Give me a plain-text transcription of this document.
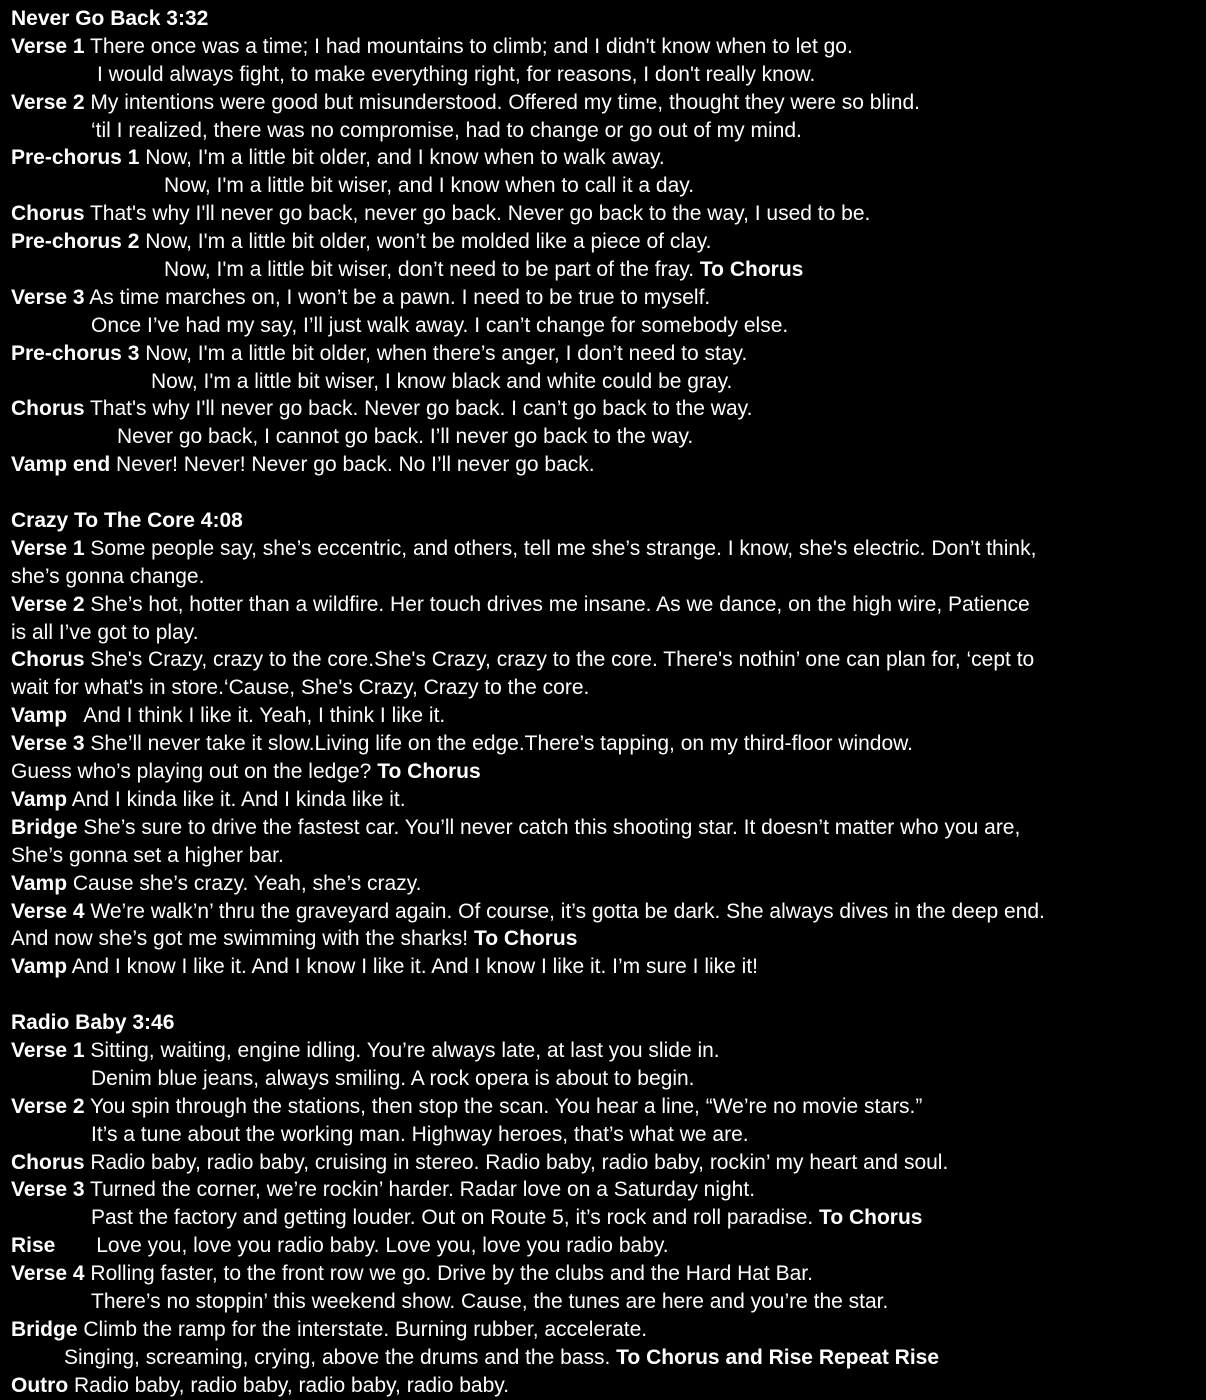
Never Go Back 3:32
Verse 1 There once was a time; I had mountains to climb; and I didn't know when to let go.
I would always fight, to make everything right, for reasons, I don't really know.
Verse 2 My intentions were good but misunderstood. Offered my time, thought they were so blind.
‘til I realized, there was no compromise, had to change or go out of my mind.
Pre-chorus 1 Now, I'm a little bit older, and I know when to walk away.
Now, I'm a little bit wiser, and I know when to call it a day.
Chorus That's why I'll never go back, never go back. Never go back to the way, I used to be.
Pre-chorus 2 Now, I'm a little bit older, won’t be molded like a piece of clay.
Now, I'm a little bit wiser, don’t need to be part of the fray. To Chorus
Verse 3 As time marches on, I won’t be a pawn. I need to be true to myself.
Once I’ve had my say, I’ll just walk away. I can’t change for somebody else.
Pre-chorus 3 Now, I'm a little bit older, when there’s anger, I don’t need to stay.
Now, I'm a little bit wiser, I know black and white could be gray.
Chorus That's why I'll never go back. Never go back. I can’t go back to the way.
Never go back, I cannot go back. I’ll never go back to the way.
Vamp end Never! Never! Never go back. No I’ll never go back.
Crazy To The Core 4:08
Verse 1 Some people say, she’s eccentric, and others, tell me she’s strange. I know, she's electric. Don’t think,
she’s gonna change.
Verse 2 She’s hot, hotter than a wildfire. Her touch drives me insane. As we dance, on the high wire, Patience
is all I’ve got to play.
Chorus She's Crazy, crazy to the core.She's Crazy, crazy to the core. There's nothin’ one can plan for, ‘cept to
wait for what's in store.‘Cause, She's Crazy, Crazy to the core.
Vamp   And I think I like it. Yeah, I think I like it.
Verse 3 She’ll never take it slow.Living life on the edge.There’s tapping, on my third-floor window.
Guess who’s playing out on the ledge? To Chorus
Vamp And I kinda like it. And I kinda like it.
Bridge She’s sure to drive the fastest car. You’ll never catch this shooting star. It doesn’t matter who you are,
She’s gonna set a higher bar.
Vamp Cause she’s crazy. Yeah, she’s crazy.
Verse 4 We’re walk’n’ thru the graveyard again. Of course, it’s gotta be dark. She always dives in the deep end.
And now she’s got me swimming with the sharks! To Chorus
Vamp And I know I like it. And I know I like it. And I know I like it. I’m sure I like it!
Radio Baby 3:46
Verse 1 Sitting, waiting, engine idling. You’re always late, at last you slide in.
Denim blue jeans, always smiling. A rock opera is about to begin.
Verse 2 You spin through the stations, then stop the scan. You hear a line, “We’re no movie stars.”
It’s a tune about the working man. Highway heroes, that’s what we are.
Chorus Radio baby, radio baby, cruising in stereo. Radio baby, radio baby, rockin’ my heart and soul.
Verse 3 Turned the corner, we’re rockin’ harder. Radar love on a Saturday night.
Past the factory and getting louder. Out on Route 5, it’s rock and roll paradise. To Chorus
Rise       Love you, love you radio baby. Love you, love you radio baby.
Verse 4 Rolling faster, to the front row we go. Drive by the clubs and the Hard Hat Bar.
There’s no stoppin’ this weekend show. Cause, the tunes are here and you’re the star.
Bridge Climb the ramp for the interstate. Burning rubber, accelerate.
Singing, screaming, crying, above the drums and the bass. To Chorus and Rise Repeat Rise
Outro Radio baby, radio baby, radio baby, radio baby.
